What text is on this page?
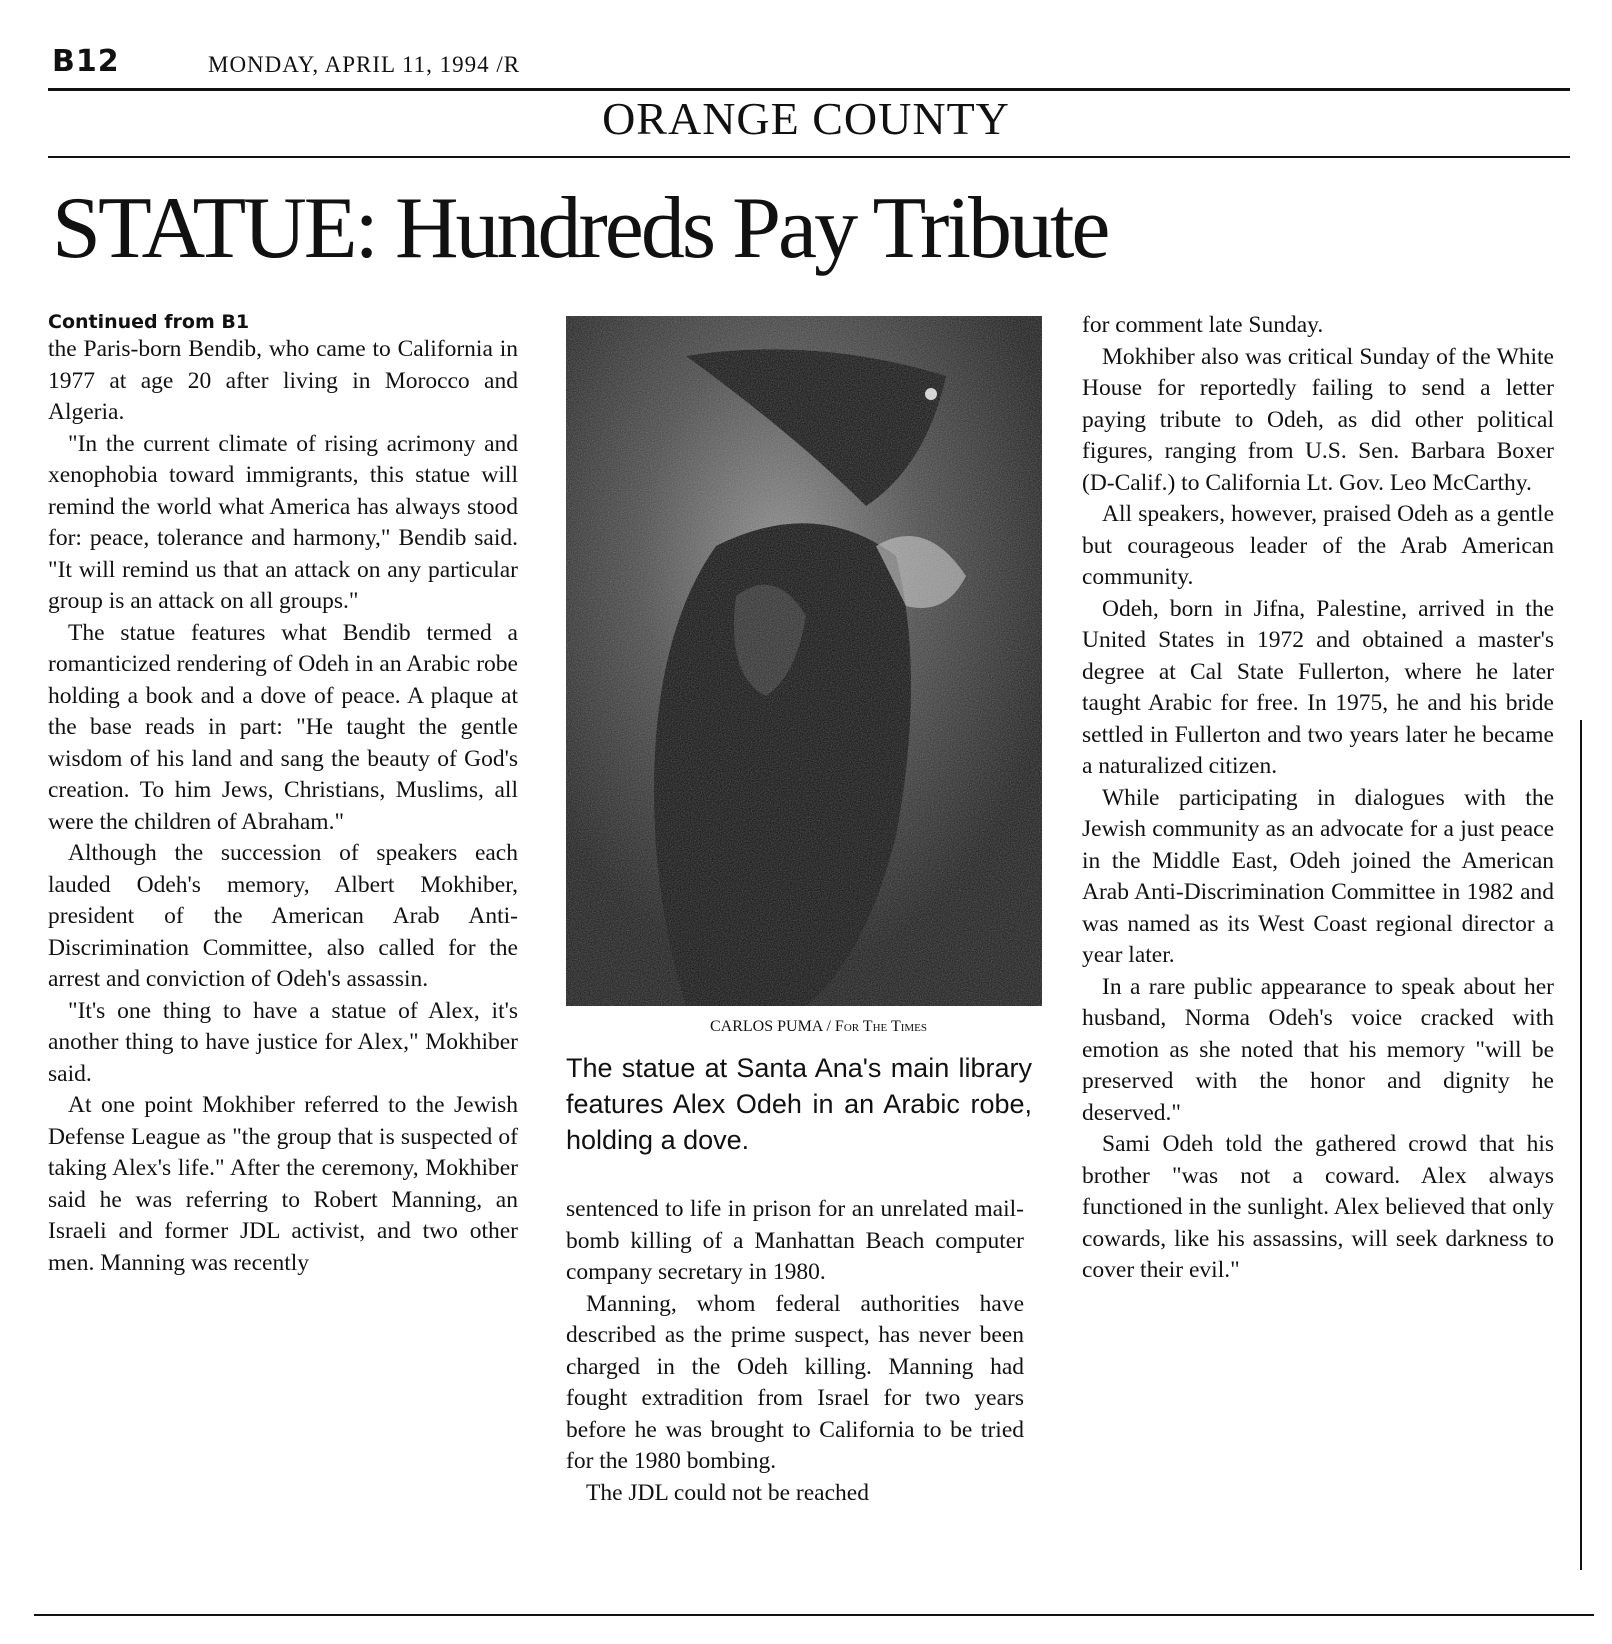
B12	MONDAY, APRIL 11, 1994 /R
ORANGE COUNTY
STATUE: Hundreds Pay Tribute
Continued from B1

the Paris-born Bendib, who came to California in 1977 at age 20 after living in Morocco and Algeria.

"In the current climate of rising acrimony and xenophobia toward immigrants, this statue will remind the world what America has always stood for: peace, tolerance and harmony," Bendib said. "It will remind us that an attack on any particular group is an attack on all groups."

The statue features what Bendib termed a romanticized rendering of Odeh in an Arabic robe holding a book and a dove of peace. A plaque at the base reads in part: "He taught the gentle wisdom of his land and sang the beauty of God's creation. To him Jews, Christians, Muslims, all were the children of Abraham."

Although the succession of speakers each lauded Odeh's memory, Albert Mokhiber, president of the American Arab Anti-Discrimination Committee, also called for the arrest and conviction of Odeh's assassin.

"It's one thing to have a statue of Alex, it's another thing to have justice for Alex," Mokhiber said.

At one point Mokhiber referred to the Jewish Defense League as "the group that is suspected of taking Alex's life." After the ceremony, Mokhiber said he was referring to Robert Manning, an Israeli and former JDL activist, and two other men. Manning was recently

CARLOS PUMA / For The Times
The statue at Santa Ana's main library features Alex Odeh in an Arabic robe, holding a dove.

sentenced to life in prison for an unrelated mail-bomb killing of a Manhattan Beach computer company secretary in 1980.

Manning, whom federal authorities have described as the prime suspect, has never been charged in the Odeh killing. Manning had fought extradition from Israel for two years before he was brought to California to be tried for the 1980 bombing.

The JDL could not be reached

for comment late Sunday.

Mokhiber also was critical Sunday of the White House for reportedly failing to send a letter paying tribute to Odeh, as did other political figures, ranging from U.S. Sen. Barbara Boxer (D-Calif.) to California Lt. Gov. Leo McCarthy.

All speakers, however, praised Odeh as a gentle but courageous leader of the Arab American community.

Odeh, born in Jifna, Palestine, arrived in the United States in 1972 and obtained a master's degree at Cal State Fullerton, where he later taught Arabic for free. In 1975, he and his bride settled in Fullerton and two years later he became a naturalized citizen.

While participating in dialogues with the Jewish community as an advocate for a just peace in the Middle East, Odeh joined the American Arab Anti-Discrimination Committee in 1982 and was named as its West Coast regional director a year later.

In a rare public appearance to speak about her husband, Norma Odeh's voice cracked with emotion as she noted that his memory "will be preserved with the honor and dignity he deserved."

Sami Odeh told the gathered crowd that his brother "was not a coward. Alex always functioned in the sunlight. Alex believed that only cowards, like his assassins, will seek darkness to cover their evil."
